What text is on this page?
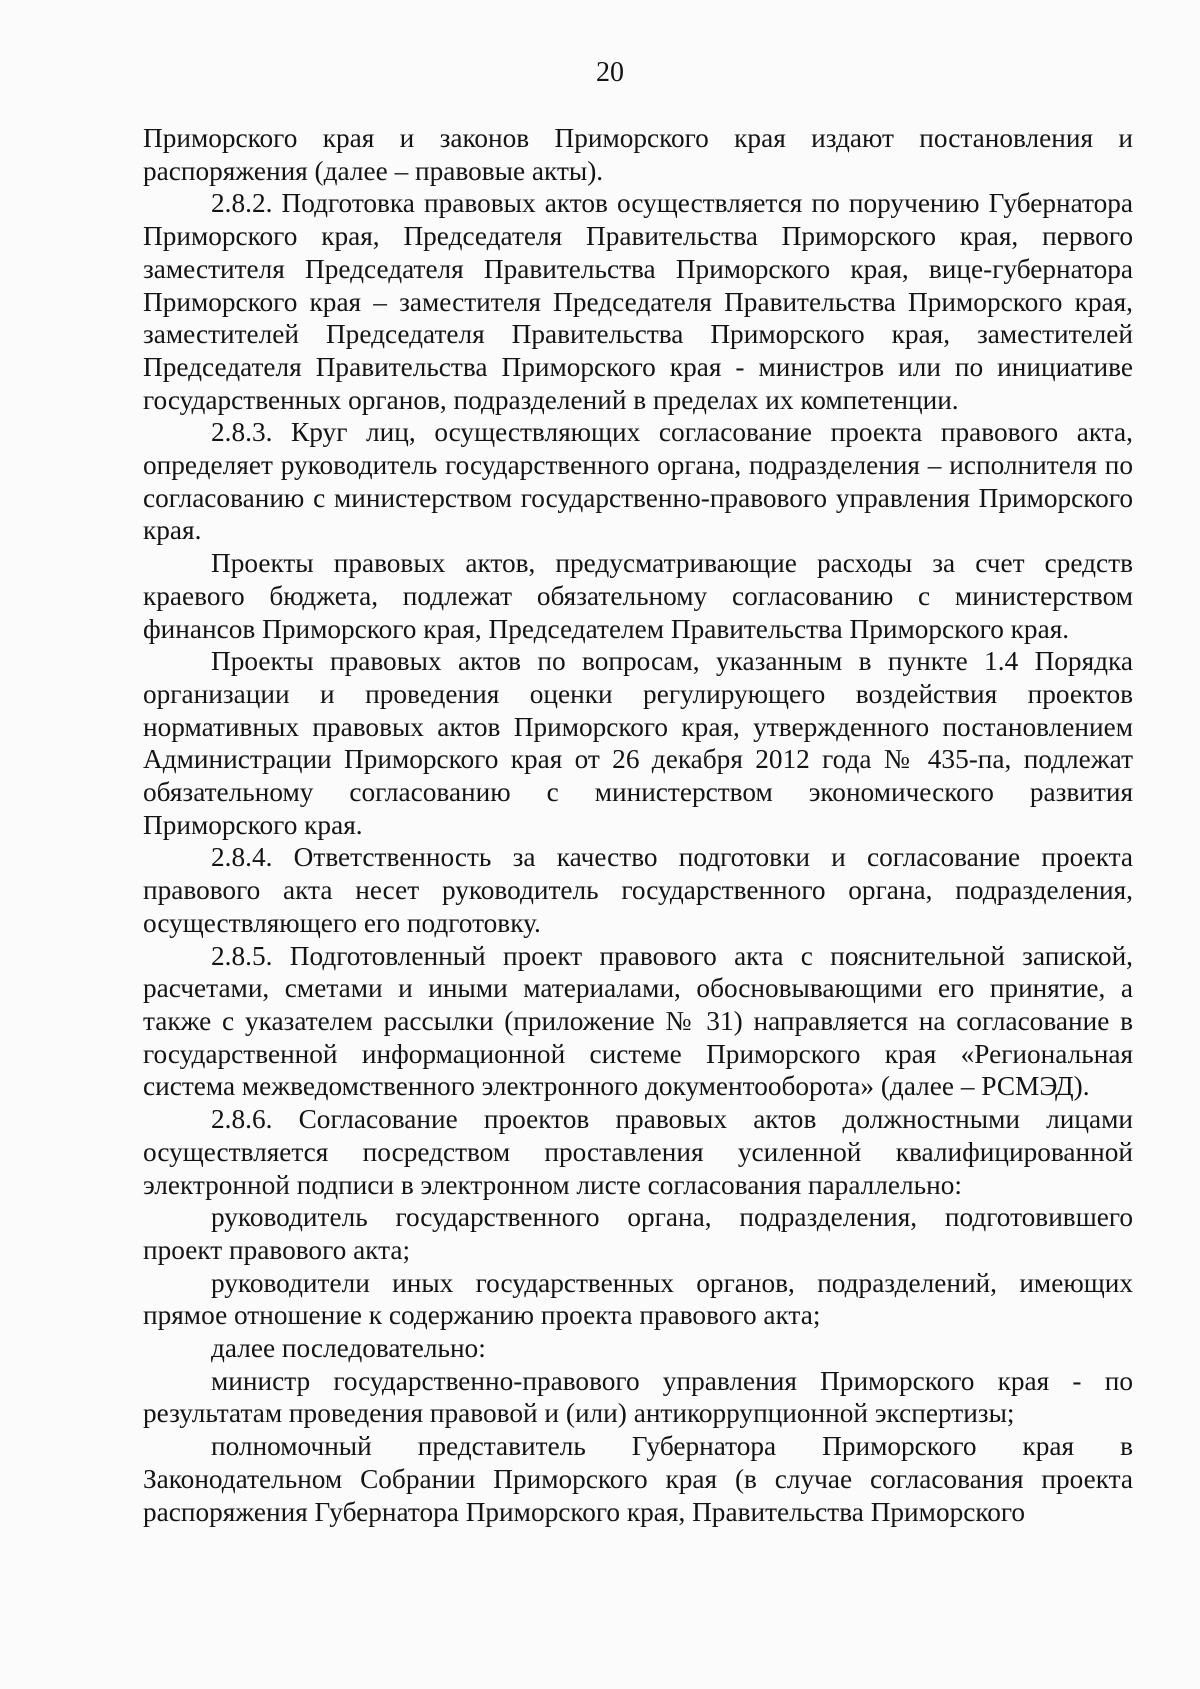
20

Приморского края и законов Приморского края издают постановления и распоряжения (далее – правовые акты).

2.8.2. Подготовка правовых актов осуществляется по поручению Губернатора Приморского края, Председателя Правительства Приморского края, первого заместителя Председателя Правительства Приморского края, вице-губернатора Приморского края – заместителя Председателя Правительства Приморского края, заместителей Председателя Правительства Приморского края, заместителей Председателя Правительства Приморского края - министров или по инициативе государственных органов, подразделений в пределах их компетенции.

2.8.3. Круг лиц, осуществляющих согласование проекта правового акта, определяет руководитель государственного органа, подразделения – исполнителя по согласованию с министерством государственно-правового управления Приморского края.

Проекты правовых актов, предусматривающие расходы за счет средств краевого бюджета, подлежат обязательному согласованию с министерством финансов Приморского края, Председателем Правительства Приморского края.

Проекты правовых актов по вопросам, указанным в пункте 1.4 Порядка организации и проведения оценки регулирующего воздействия проектов нормативных правовых актов Приморского края, утвержденного постановлением Администрации Приморского края от 26 декабря 2012 года № 435-па, подлежат обязательному согласованию с министерством экономического развития Приморского края.

2.8.4. Ответственность за качество подготовки и согласование проекта правового акта несет руководитель государственного органа, подразделения, осуществляющего его подготовку.

2.8.5. Подготовленный проект правового акта с пояснительной запиской, расчетами, сметами и иными материалами, обосновывающими его принятие, а также с указателем рассылки (приложение № 31) направляется на согласование в государственной информационной системе Приморского края «Региональная система межведомственного электронного документооборота» (далее – РСМЭД).

2.8.6. Согласование проектов правовых актов должностными лицами осуществляется посредством проставления усиленной квалифицированной электронной подписи в электронном листе согласования параллельно:

руководитель государственного органа, подразделения, подготовившего проект правового акта;

руководители иных государственных органов, подразделений, имеющих прямое отношение к содержанию проекта правового акта;

далее последовательно:

министр государственно-правового управления Приморского края - по результатам проведения правовой и (или) антикоррупционной экспертизы;

полномочный представитель Губернатора Приморского края в Законодательном Собрании Приморского края (в случае согласования проекта распоряжения Губернатора Приморского края, Правительства Приморского
